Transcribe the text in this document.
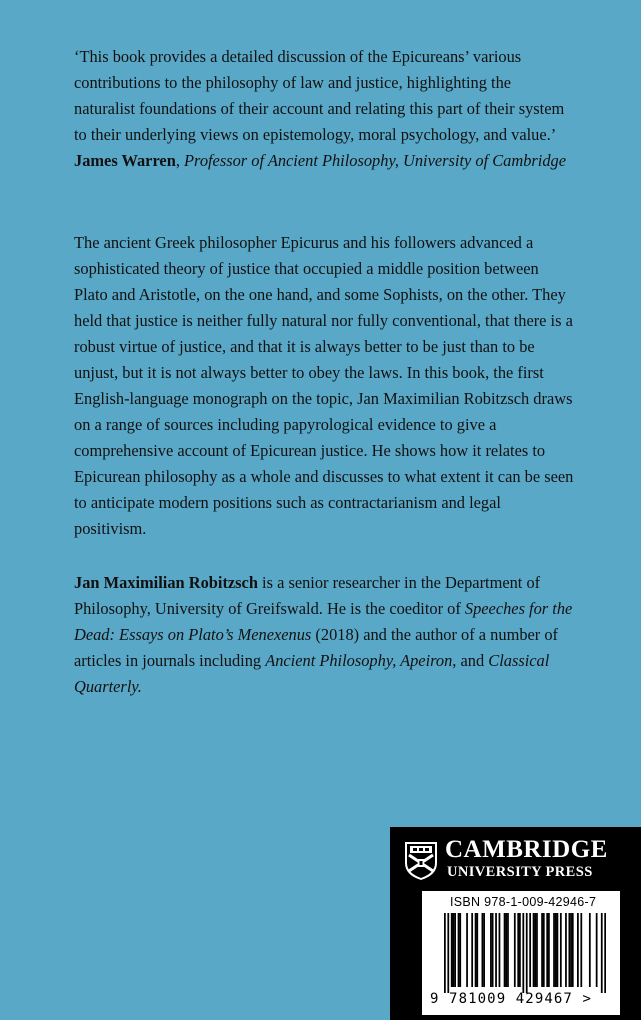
‘This book provides a detailed discussion of the Epicureans’ various contributions to the philosophy of law and justice, highlighting the naturalist foundations of their account and relating this part of their system to their underlying views on epistemology, moral psychology, and value.’

James Warren, Professor of Ancient Philosophy, University of Cambridge

The ancient Greek philosopher Epicurus and his followers advanced a sophisticated theory of justice that occupied a middle position between Plato and Aristotle, on the one hand, and some Sophists, on the other. They held that justice is neither fully natural nor fully conventional, that there is a robust virtue of justice, and that it is always better to be just than to be unjust, but it is not always better to obey the laws. In this book, the first English-language monograph on the topic, Jan Maximilian Robitzsch draws on a range of sources including papyrological evidence to give a comprehensive account of Epicurean justice. He shows how it relates to Epicurean philosophy as a whole and discusses to what extent it can be seen to anticipate modern positions such as contractarianism and legal positivism.

Jan Maximilian Robitzsch is a senior researcher in the Department of Philosophy, University of Greifswald. He is the coeditor of Speeches for the Dead: Essays on Plato’s Menexenus (2018) and the author of a number of articles in journals including Ancient Philosophy, Apeiron, and Classical Quarterly.

CAMBRIDGE
UNIVERSITY PRESS
ISBN 978-1-009-42946-7
9 781009 429467 >
